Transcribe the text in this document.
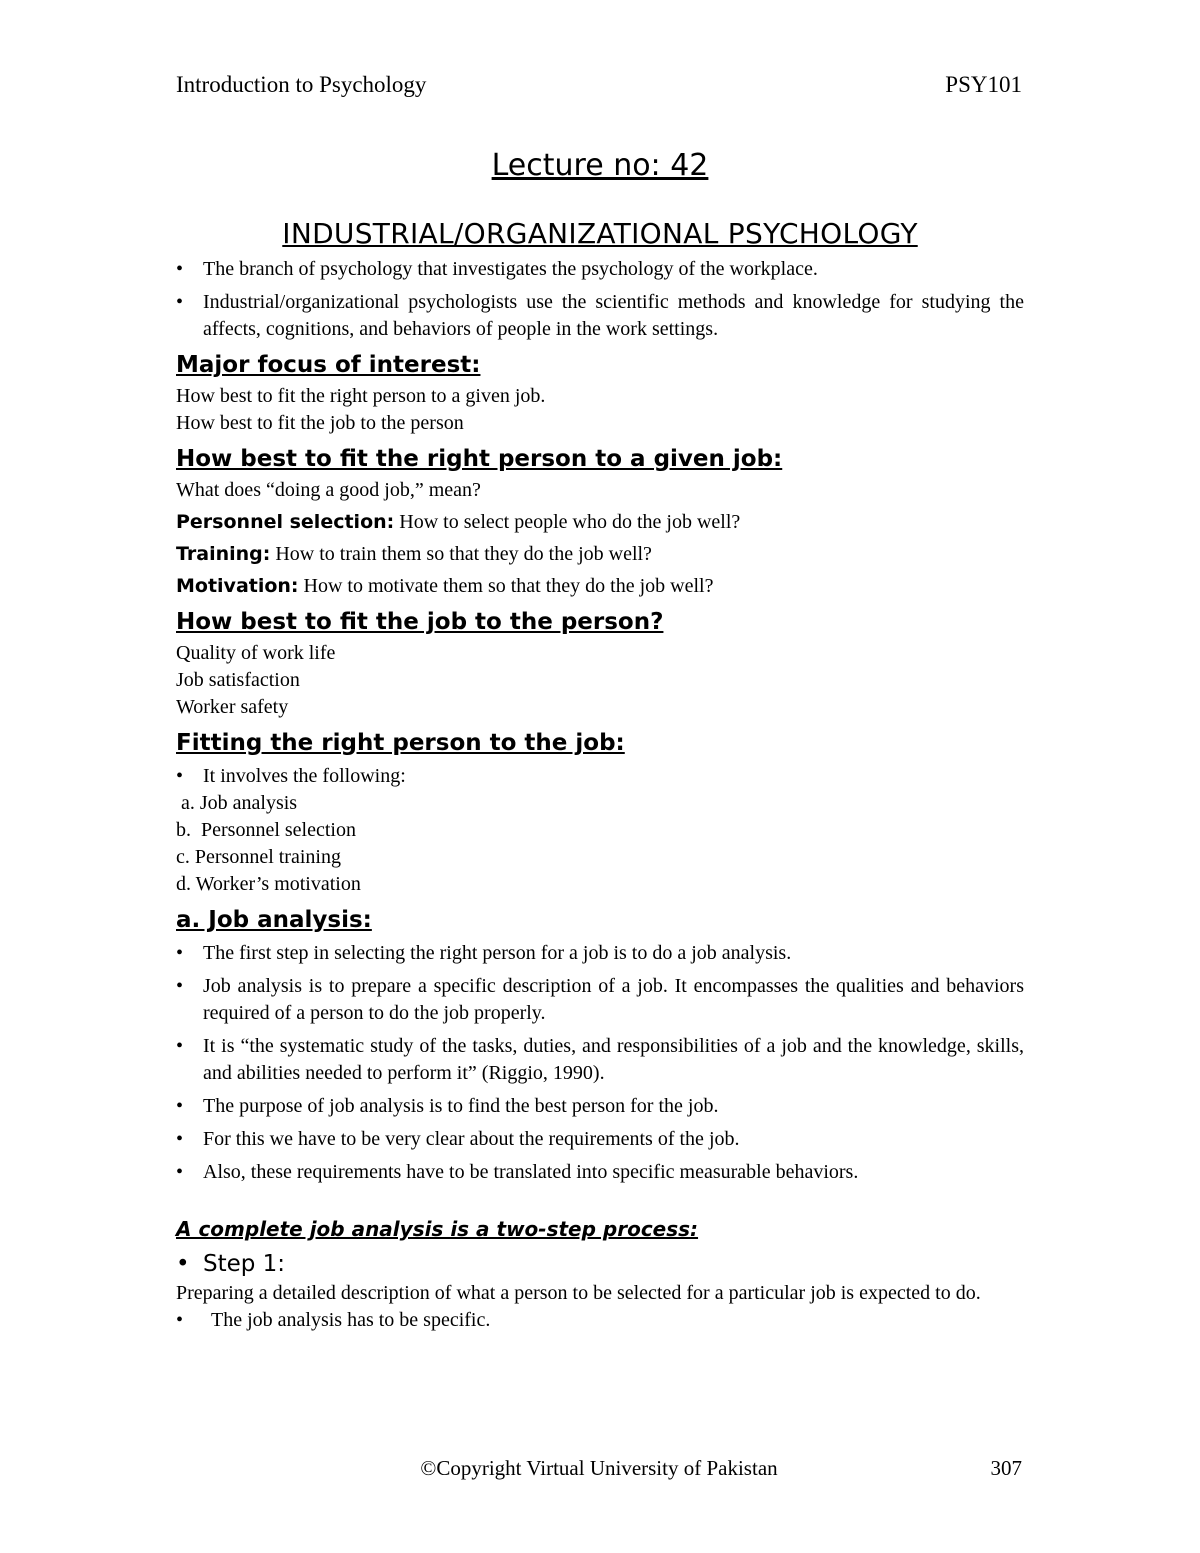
Introduction to Psychology	PSY101
Lecture no: 42
INDUSTRIAL/ORGANIZATIONAL PSYCHOLOGY
• The branch of psychology that investigates the psychology of the workplace.
• Industrial/organizational psychologists use the scientific methods and knowledge for studying the affects, cognitions, and behaviors of people in the work settings.
Major focus of interest:

How best to fit the right person to a given job.

How best to fit the job to the person

How best to fit the right person to a given job:

What does “doing a good job,” mean?

Personnel selection: How to select people who do the job well?

Training: How to train them so that they do the job well?

Motivation: How to motivate them so that they do the job well?

How best to fit the job to the person?

Quality of work life

Job satisfaction

Worker safety

Fitting the right person to the job:
• It involves the following:

a. Job analysis

b.  Personnel selection

c. Personnel training

d. Worker’s motivation

a. Job analysis:
• The first step in selecting the right person for a job is to do a job analysis.
• Job analysis is to prepare a specific description of a job. It encompasses the qualities and behaviors required of a person to do the job properly.
• It is “the systematic study of the tasks, duties, and responsibilities of a job and the knowledge, skills, and abilities needed to perform it” (Riggio, 1990).
• The purpose of job analysis is to find the best person for the job.
• For this we have to be very clear about the requirements of the job.
• Also, these requirements have to be translated into specific measurable behaviors.
A complete job analysis is a two-step process:
• Step 1:

Preparing a detailed description of what a person to be selected for a particular job is expected to do.

• The job analysis has to be specific.
©Copyright Virtual University of Pakistan	307
